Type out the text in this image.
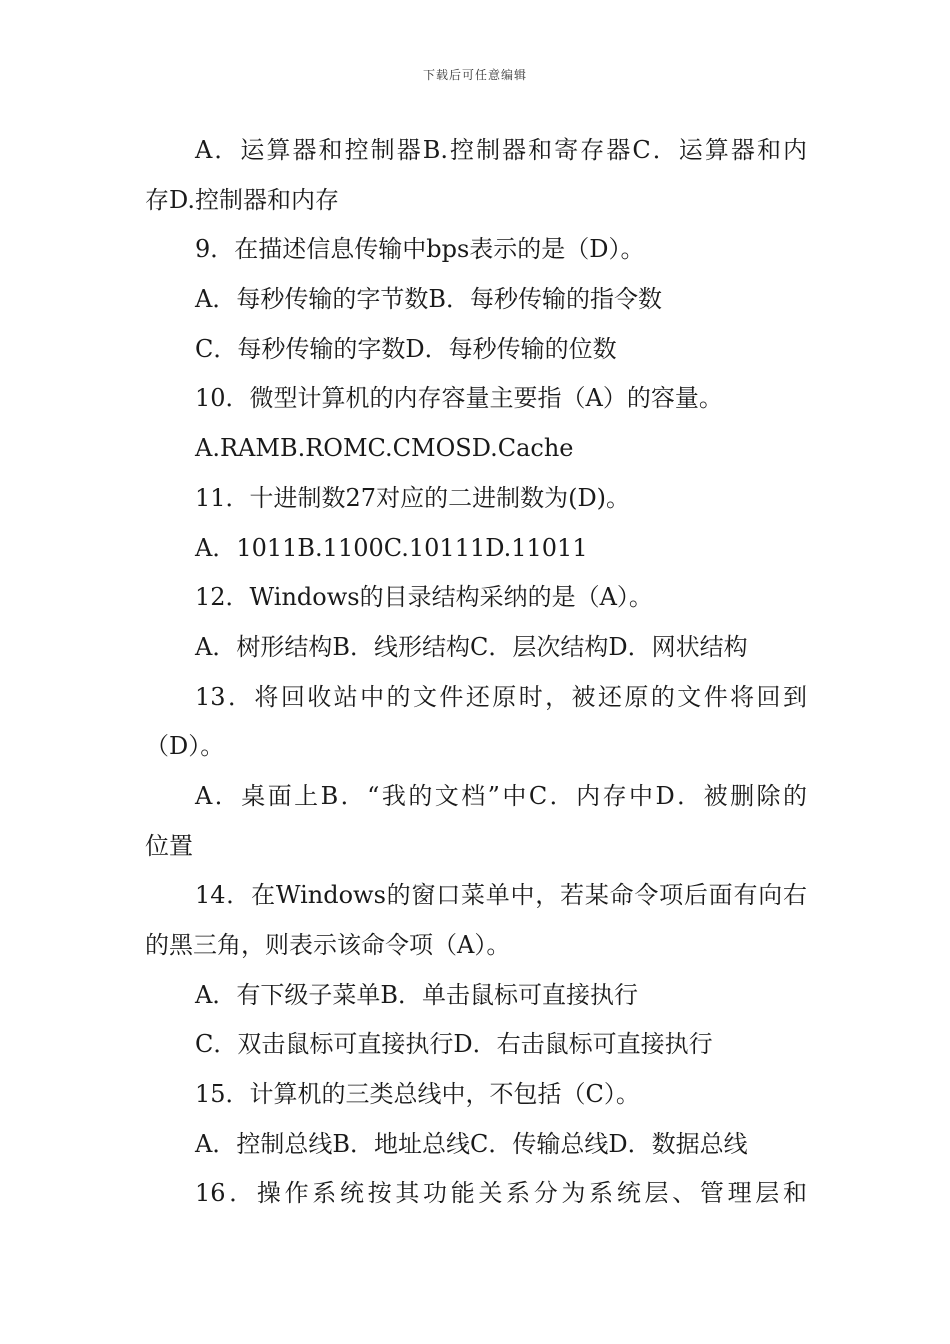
下载后可任意编辑
A．运算器和控制器B.控制器和寄存器C．运算器和内
存D.控制器和内存
9．在描述信息传输中bps表示的是（D）。
A．每秒传输的字节数B．每秒传输的指令数
C．每秒传输的字数D．每秒传输的位数
10．微型计算机的内存容量主要指（A）的容量。
A.RAMB.ROMC.CMOSD.Cache
11．十进制数27对应的二进制数为(D)。
A．1011B.1100C.10111D.11011
12．Windows的目录结构采纳的是（A）。
A．树形结构B．线形结构C．层次结构D．网状结构
13．将回收站中的文件还原时，被还原的文件将回到
（D）。
A．桌面上B．“我的文档”中C．内存中D．被删除的
位置
14．在Windows的窗口菜单中，若某命令项后面有向右
的黑三角，则表示该命令项（A）。
A．有下级子菜单B．单击鼠标可直接执行
C．双击鼠标可直接执行D．右击鼠标可直接执行
15．计算机的三类总线中，不包括（C）。
A．控制总线B．地址总线C．传输总线D．数据总线
16．操作系统按其功能关系分为系统层、管理层和
